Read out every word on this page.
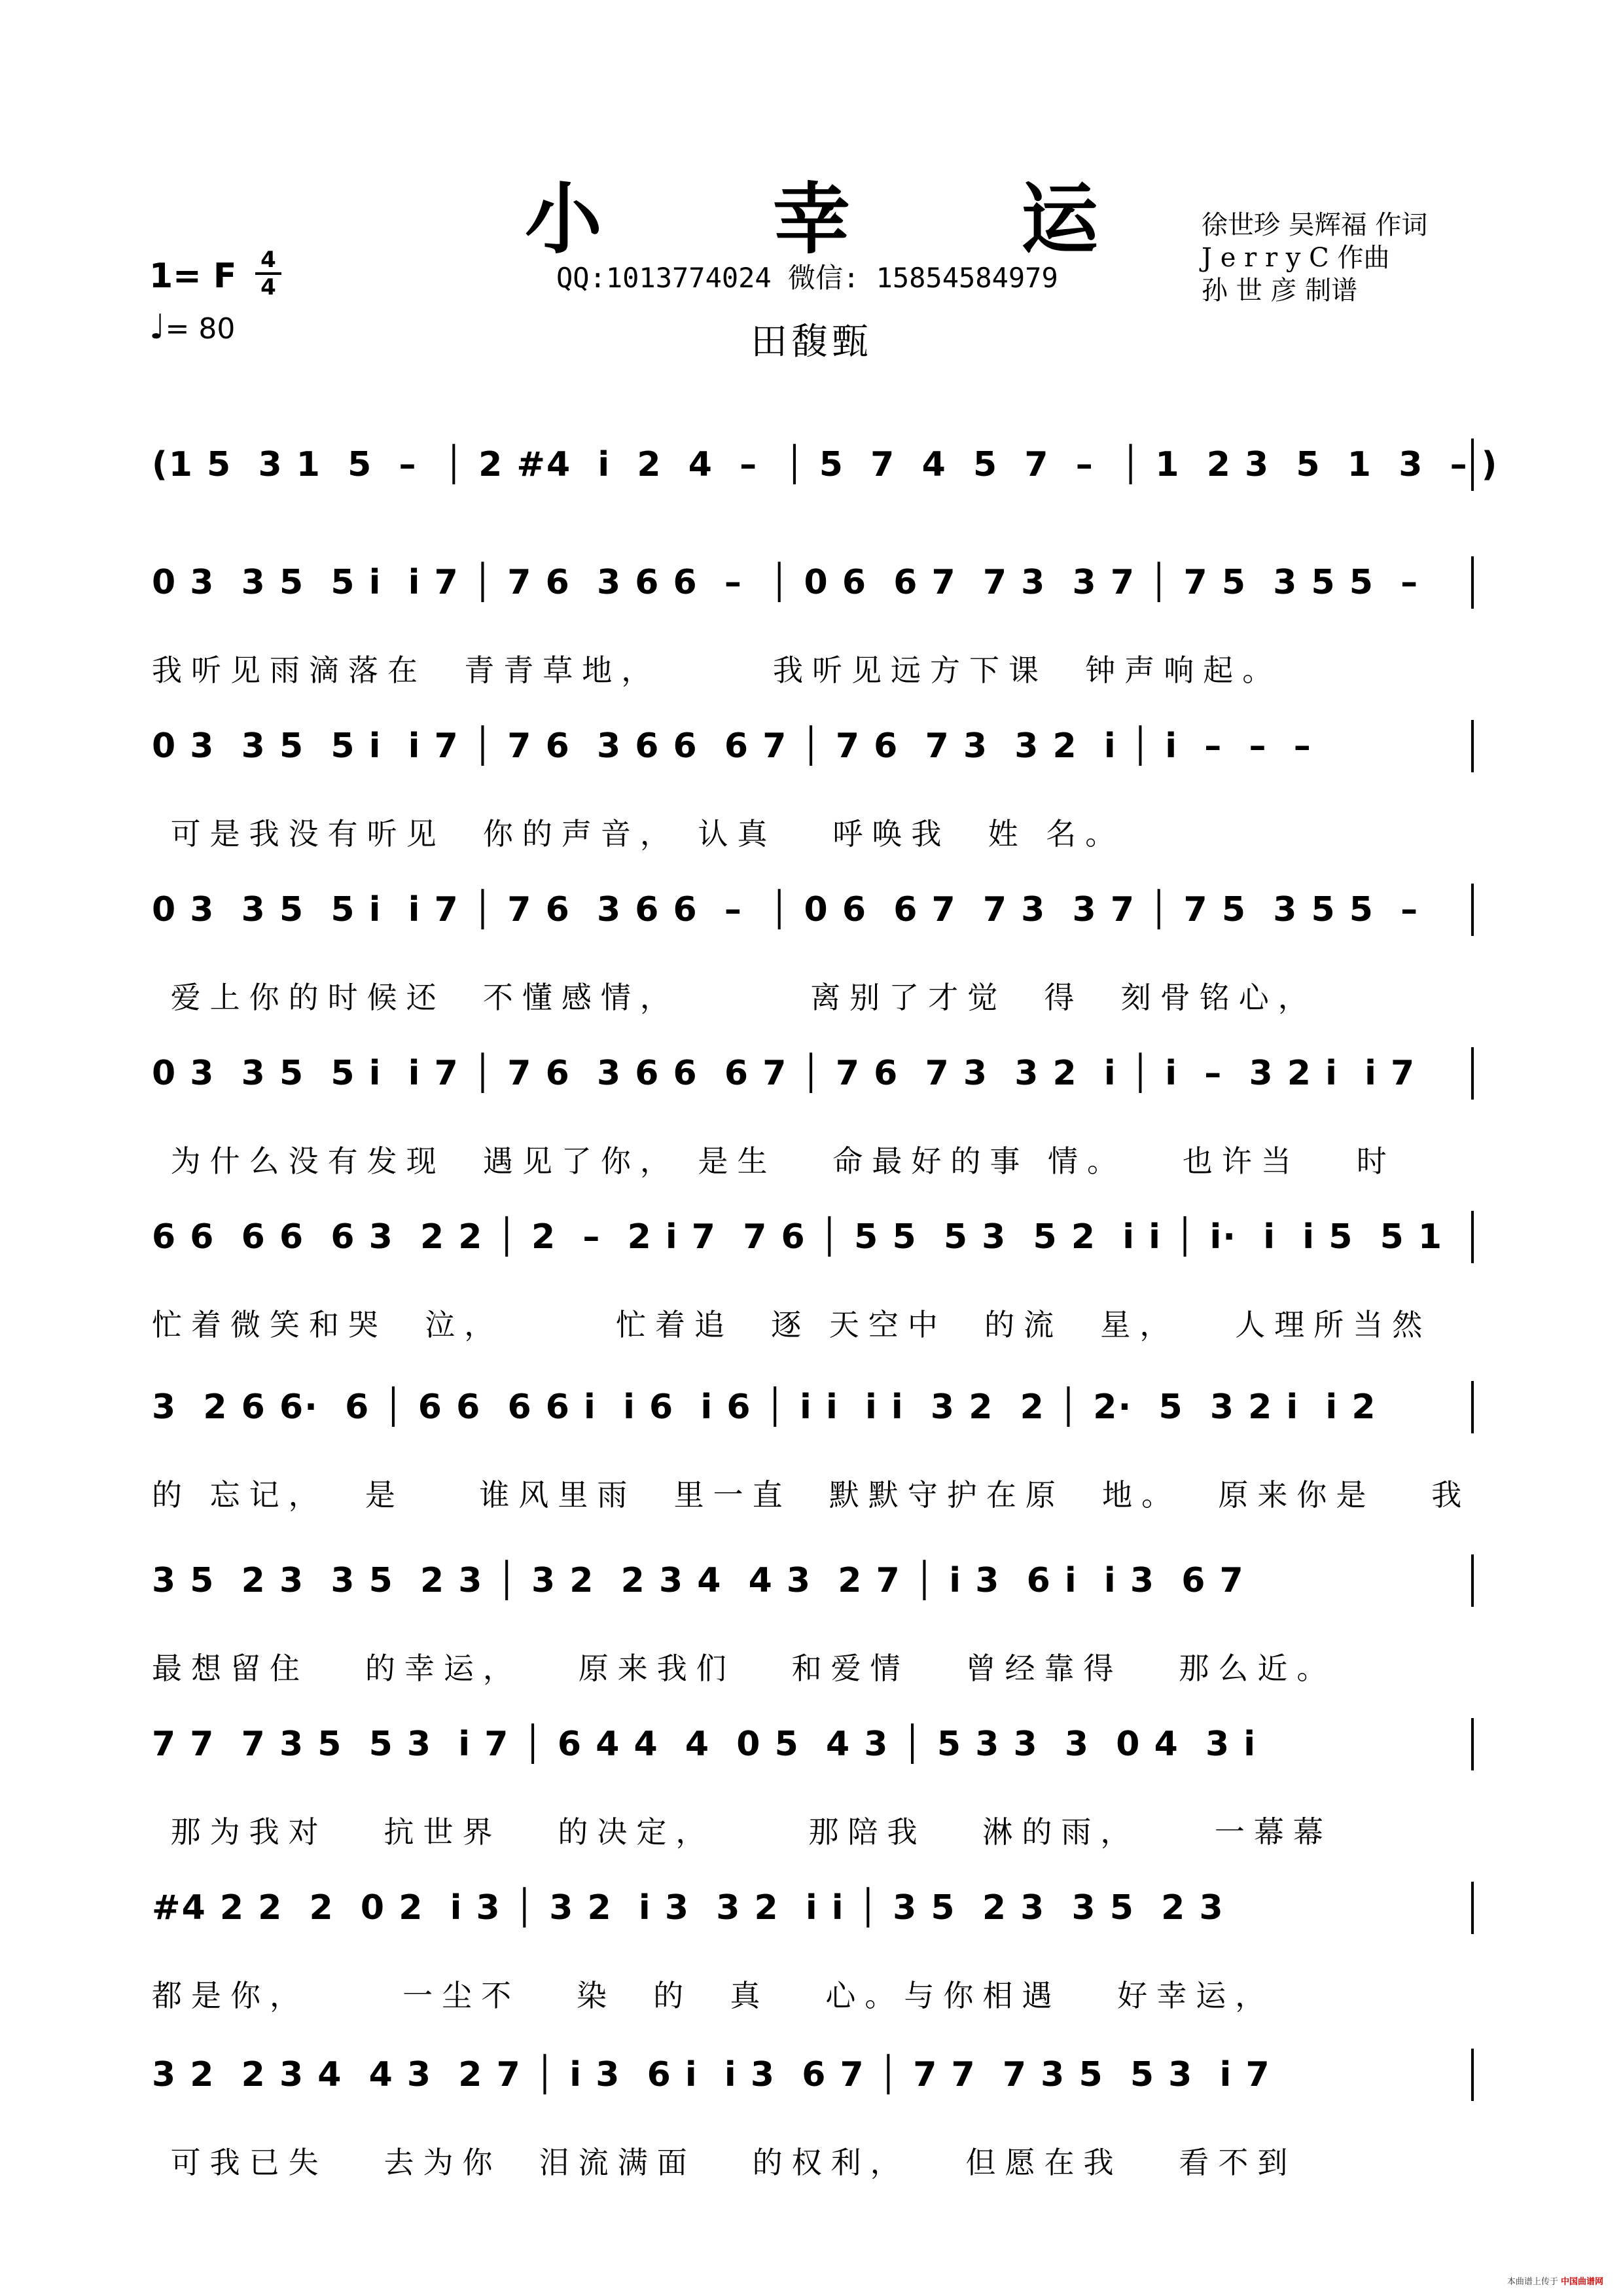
小 幸 运
QQ:1013774024 微信: 15854584979
田馥甄
徐世珍 吴辉福 作词
J e r r y C 作曲
孙 世 彦 制谱
1= F 4
4
♩= 80
(1 5  3 1  5  –  │ 2 #4  i  2  4  –  │ 5  7  4  5  7  –  │ 1  2 3  5  1  3  – )
0 3  3 5  5 i  i 7 │ 7 6  3 6 6  –  │ 0 6  6 7  7 3  3 7 │ 7 5  3 5 5  –
我听见雨滴落在  青青草地，      我听见远方下课  钟声响起。
0 3  3 5  5 i  i 7 │ 7 6  3 6 6  6 7 │ 7 6  7 3  3 2  i │ i  –  –  –
可是我没有听见  你的声音， 认真   呼唤我  姓 名。
0 3  3 5  5 i  i 7 │ 7 6  3 6 6  –  │ 0 6  6 7  7 3  3 7 │ 7 5  3 5 5  –
爱上你的时候还  不懂感情，       离别了才觉  得  刻骨铭心，
0 3  3 5  5 i  i 7 │ 7 6  3 6 6  6 7 │ 7 6  7 3  3 2  i │ i  –  3 2 i  i 7
为什么没有发现  遇见了你， 是生   命最好的事 情。   也许当   时
6 6  6 6  6 3  2 2 │ 2  –  2 i 7  7 6 │ 5 5  5 3  5 2  i i │ i·  i  i 5  5 1
忙着微笑和哭  泣，      忙着追  逐 天空中  的流  星，   人理所当然
3  2 6 6·  6 │ 6 6  6 6 i  i 6  i 6 │ i i  i i  3 2  2 │ 2·  5  3 2 i  i 2
的 忘记，  是    谁风里雨  里一直  默默守护在原  地。  原来你是   我
3 5  2 3  3 5  2 3 │ 3 2  2 3 4  4 3  2 7 │ i 3  6 i  i 3  6 7
最想留住   的幸运，   原来我们   和爱情   曾经靠得   那么近。
7 7  7 3 5  5 3  i 7 │ 6 4 4  4  0 5  4 3 │ 5 3 3  3  0 4  3 i
那为我对   抗世界   的决定，     那陪我   淋的雨，    一幕幕
#4 2 2  2  0 2  i 3 │ 3 2  i 3  3 2  i i │ 3 5  2 3  3 5  2 3
都是你，     一尘不   染  的  真   心。与你相遇   好幸运，
3 2  2 3 4  4 3  2 7 │ i 3  6 i  i 3  6 7 │ 7 7  7 3 5  5 3  i 7
可我已失   去为你  泪流满面   的权利，   但愿在我   看不到
本曲谱上传于 中国曲谱网
